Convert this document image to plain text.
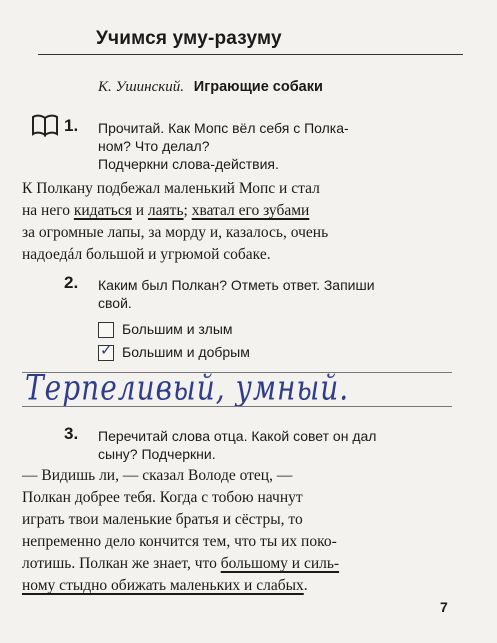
Учимся уму-разуму
К. Ушинский. Играющие собаки
1. Прочитай. Как Мопс вёл себя с Полка-
ном? Что делал?
Подчеркни слова-действия.
К Полкану подбежал маленький Мопс и стал
на него кидаться и лаять; хватал его зубами
за огромные лапы, за морду и, казалось, очень
надоедáл большой и угрюмой собаке.
2. Каким был Полкан? Отметь ответ. Запиши
свой.
Большим и злым
✓ Большим и добрым
Терпеливый, умный.
3. Перечитай слова отца. Какой совет он дал
сыну? Подчеркни.
— Видишь ли, — сказал Володе отец, —
Полкан добрее тебя. Когда с тобою начнут
играть твои маленькие братья и сёстры, то
непременно дело кончится тем, что ты их поко-
лотишь. Полкан же знает, что большому и силь-
ному стыдно обижать маленьких и слабых.
7
